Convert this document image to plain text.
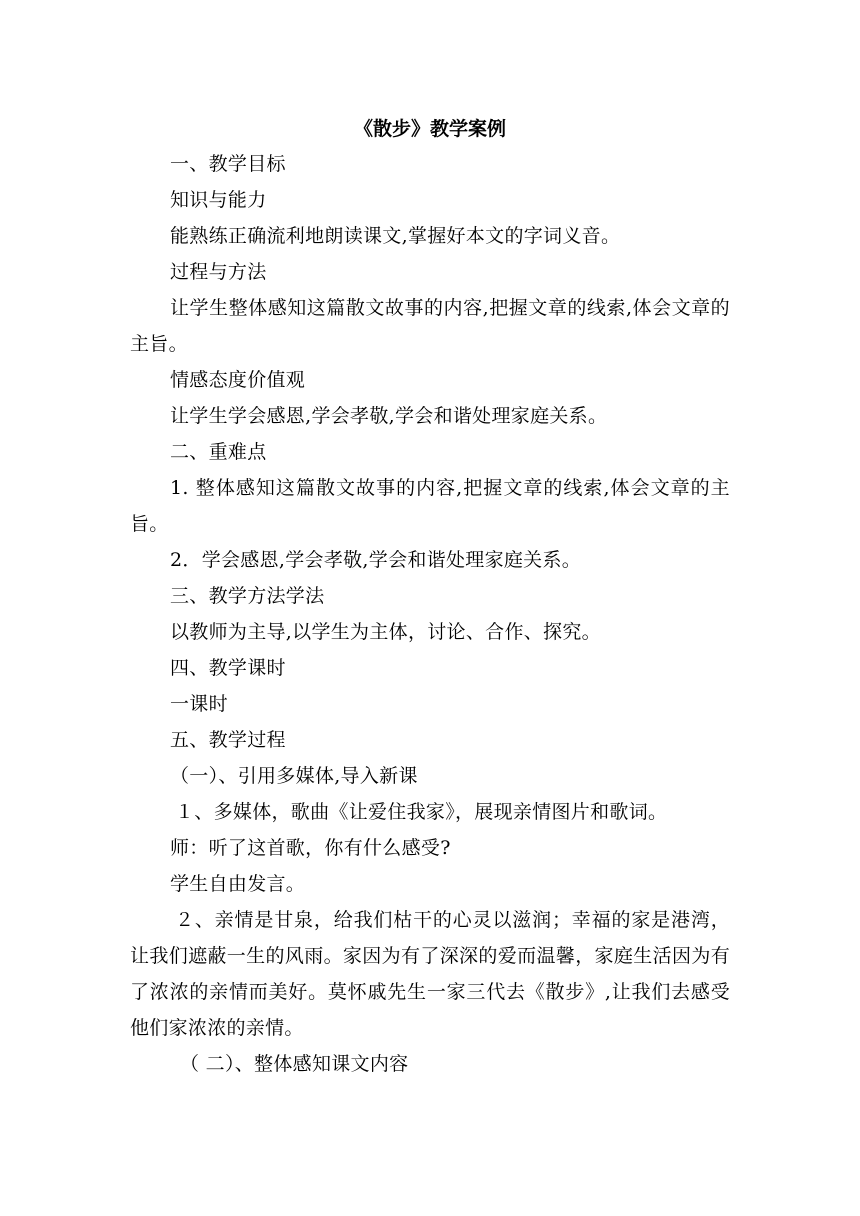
《散步》教学案例

一、教学目标

知识与能力

能熟练正确流利地朗读课文,掌握好本文的字词义音。

过程与方法

让学生整体感知这篇散文故事的内容,把握文章的线索,体会文章的主旨。

情感态度价值观

让学生学会感恩,学会孝敬,学会和谐处理家庭关系。

二、重难点

1. 整体感知这篇散文故事的内容,把握文章的线索,体会文章的主旨。

2．学会感恩,学会孝敬,学会和谐处理家庭关系。

三、教学方法学法

以教师为主导,以学生为主体，讨论、合作、探究。

四、教学课时

一课时

五、教学过程

（一）、引用多媒体,导入新课

１、多媒体，歌曲《让爱住我家》，展现亲情图片和歌词。

师：听了这首歌，你有什么感受?

学生自由发言。

２、亲情是甘泉，给我们枯干的心灵以滋润；幸福的家是港湾，让我们遮蔽一生的风雨。家因为有了深深的爱而温馨，家庭生活因为有了浓浓的亲情而美好。莫怀戚先生一家三代去《散步》,让我们去感受他们家浓浓的亲情。

（ 二）、整体感知课文内容
